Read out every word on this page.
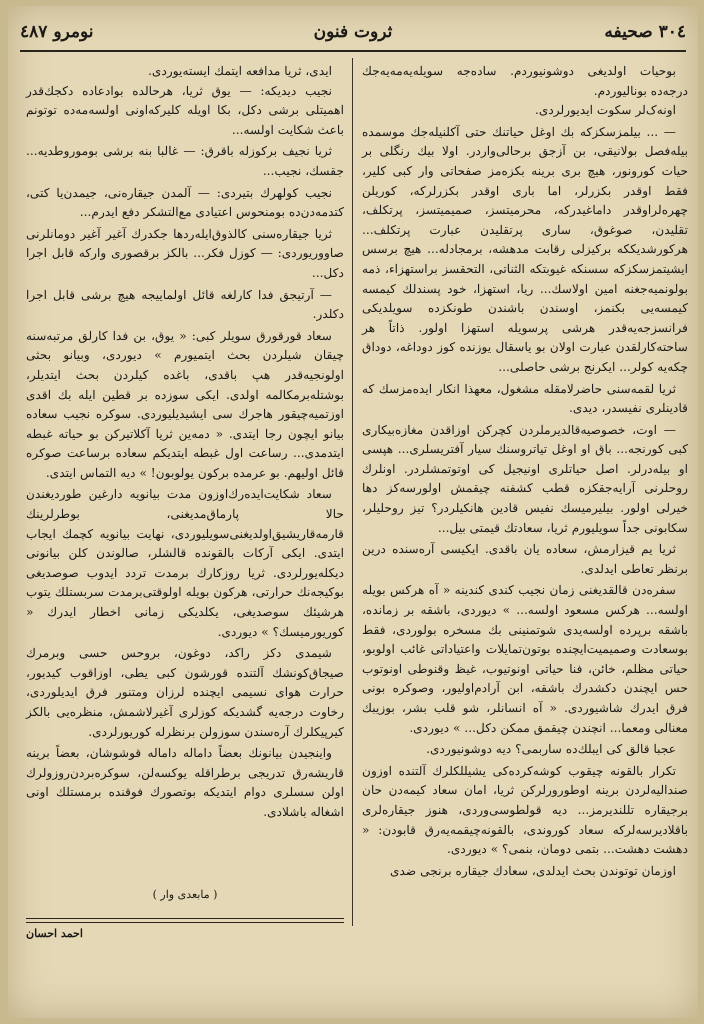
٣٠٤ صحیفه
ثروت فنون
نومرو ٤٨٧

بوحیات اولدیغی دوشونیوردم. ساده‌جه سویله‌یه‌مه‌یه‌جك درجه‌ده بونالیوردم.

اونه‌ک‌لر سکوت ایدیورلردی.

— ... بیلمزسکزکه بك اوغل حیاتنك حتی آکلنیله‌جك موسمده بیله‌فصل بولانیقی، بن آزجق برحالی‌واردر. اولا بیك رنگلی بر حیات کورونور، هیچ بری برینه بکزه‌مز صفحاتی وار کبی کلیر، فقط اوقدر بکزرلر، اما باری اوقدر بکزرلرکه، کوریلن چهره‌لراوقدر داماغیدرکه، محرمیتسز، صمیمیتسز، پرتکلف، تقلیدن، صوغوق، ساری پرتقلیدن عبارت پرتکلف... هرکورشدیککه برکیزلی رقابت مدهشه، برمجادله... هیچ برسس ایشیتمزسکز‌که سسنکه غیوبتکه الثناتی، التحقسز براستهزاء، ذمه بولونمیه‌جغنه امین اولاسك... ریا، استهزا، خود پسندلك کیمسه کیمسه‌یی بکنمز، اوسندن باشندن طونکزده سویلدیکی فرانسزجه‌یه‌قدر هرشی پرسویله استهزا اولور. ذاتاً هر ساحته‌کارلقدن عبارت اولان بو یاسقال یوزنده کوز دوداغه، دوداق چکه‌یه کولر... ایکرنج برشی حاصلی...

ثریا لقمه‌سنی حاضرلامقله مشغول، معهذا انکار ایده‌مزسك که قادینلری نفیسدر، دیدی.

— اوت، خصوصیه‌قالدیرملردن کچرکن اوزاقدن مغازه‌بیکاری کبی کورنجه... باق او اوغل تیاتروسنك سیار آفتریسلری... هپسی او بیله‌درلر. اصل حیاتلری اونیجیل کی اوتوتمشلردر. اونلرك روحلرنی آرایه‌جقکزه قطب کشفنه چیقمش اولورسه‌کز دها خیرلی اولور. بیلیرمیسك نفیس قادین هانکیلردر؟ تیز روحلیلر، سکابونی جداً سویلیورم ثریا، سعادتك قیمتی بیل...

ثریا یم قیزارمش، سعاده یان باقدی. ایکیسی آره‌سنده درین برنظر تعاطی ایدلدی.

سفره‌دن قالقدیغنی زمان نجیب کندی کندینه « آه هرکس بویله اولسه... هرکس مسعود اولسه... » دیوردی، باشقه بر زمانده، باشقه برپرده اولسه‌یدی شوتمنینی بك مسخره بولوردی، فقط بوسعادت وصمیمیت‌ایچنده بوتون‌تمایلات واعتیاداتی غائب اولوبو، حیاتی مظلم، خائن، فنا حیاتی اونوتیوب، غیظ وقنوطی اونوتوب حس ایچندن دکشدرك باشقه، ابن آرادم‌اولیور، وصوکره بونی فرق ایدرك شاشیوردی. « آه انسانلر، شو قلب بشر، بوزیبك معنالی ومعما... انچندن چیقمق ممکن دکل... » دیوردی.

عجبا قالق کی ایبلك‌ده ساربمی؟ دیه دوشونیوردی.

تکرار بالقونه چیقوب کوشه‌کرده‌کی یشیللکلرك آلتنده اوزون صندالیه‌لردن برینه اوطورورلرکن ثریا، امان سعاد کیمه‌دن حان برجیقاره تللندیرمز... دیه قولطوسی‌وردی، هنوز جیقاره‌لری باقلادیرسه‌لرکه سعاد کوروندی، بالقونه‌چیقمه‌یه‌رق قابودن: « دهشت دهشت... بتمی دومان، بنمی؟ » دیوردی.

اوزمان توتوندن بحث ایدلدی، سعادك جیقاره برنجی ضدی

ایدی، ثریا مدافعه ایتمك ایسته‌یوردی.

نجیب دیدیکه: — یوق ثریا، هرحالده بوادعاده دکجك‌قدر اهمیتلی برشی دکل، بکا اویله کلیرکه‌اونی اولسه‌مه‌ده توتونم باعث شکایت اولسه...

ثریا نجیف برکوزله باقرق: — غالبا بنه برشی بوموروطدیه... جقسك، نجیب...

نجیب کولهرك بتیردی: — آلمدن جیقاره‌نی، جیمدن‌یا کتی، کتدمه‌دن‌ده بومنحوس اعتیادی مع‌التشکر دفع ایدرم...

ثریا جیقاره‌سنی کالذوق‌ایله‌ردها جکدرك آغیر آغیر دومانلرنی صاووریوردی: — کوزل فکر... بالکز برقصوری وارکه قابل اجرا دکل...

— آرتیجق فدا کارلغه قائل اولماییجه هیچ برشی قابل اجرا دکلدر.

سعاد قورقورق سویلر کبی: « یوق، بن فدا کارلق مرتبه‌سنه چیقان شیلردن بحث ایتمیورم » دیوردی، وبیانو بحثی اولونجیه‌قدر هپ باقدی، باغده کیلردن بحث ایتدیلر، بوشتله‌برمکالمه اولدی. ایکی سوزده بر قطین ایله بك اقدی اوزتمیه‌چیقور هاجرك سی ایشیدیلیوردی. سوکره نجیب سعاده بیانو ایچون رجا ایتدی. « دمه‌ین ثریا آکلاتیرکن بو حیاته غبطه ایتدمدی... رساعت اول غبطه ایتدیکم سعاده برساعت صوکره قائل اولیهم. بو عرمده برکون یولوبون! » دیه التماس ایتدی.

سعاد شکایت‌ایده‌رك‌اوزون مدت بیانویه دارغین طوردیغندن حالا پارماق‌مدیغنی، بوطرلرینك قارمه‌قاریشیق‌اولدیغنی‌سویلیوردی، نهایت بیانویه کچمك ایجاب ایتدی. ایکی آرکات بالقونده قالشلر، صالوندن کلن بیانونی دیکله‌یورلردی. ثریا روزکارك برمدت تردد ایدوب صوصدیغی بوکیجه‌نك حرارتی، هرکون بویله اولوقتی‌برمدت سربستلك یتوب هرشیئك سوصدیغی، یکلدیکی زمانی اخطار ایدرك « کوریورمیسك؟ » دیوردی.

شیمدی دکز راکد، دوغون، بروحس حسی وبرمرك صیجاق‌کونشك آلتنده قورشون کبی یطی، اوزاقوب کیدیور، حرارت هوای نسیمی ایچنده لرزان ومتنور فرق ایدیلوردی، رخاوت درجه‌یه گشدیکه کوزلری آغیرلاشمش، منظره‌یی بالکز کیرپیکلرك آره‌سندن سوزولن برنظرله کوریورلردی.

واینجیدن بیانونك بعضاً داماله داماله قوشوشان، بعضاً برینه قاریشه‌رق تدریجی برطراقله یوکسه‌لن، سوکره‌بردن‌روزولرك اولن سسلری دوام ایتدیکه بوتصورك فوقنده برمستلك اونی اشغاله باشلادی.

( مابعدی وار )
احمد احسان
